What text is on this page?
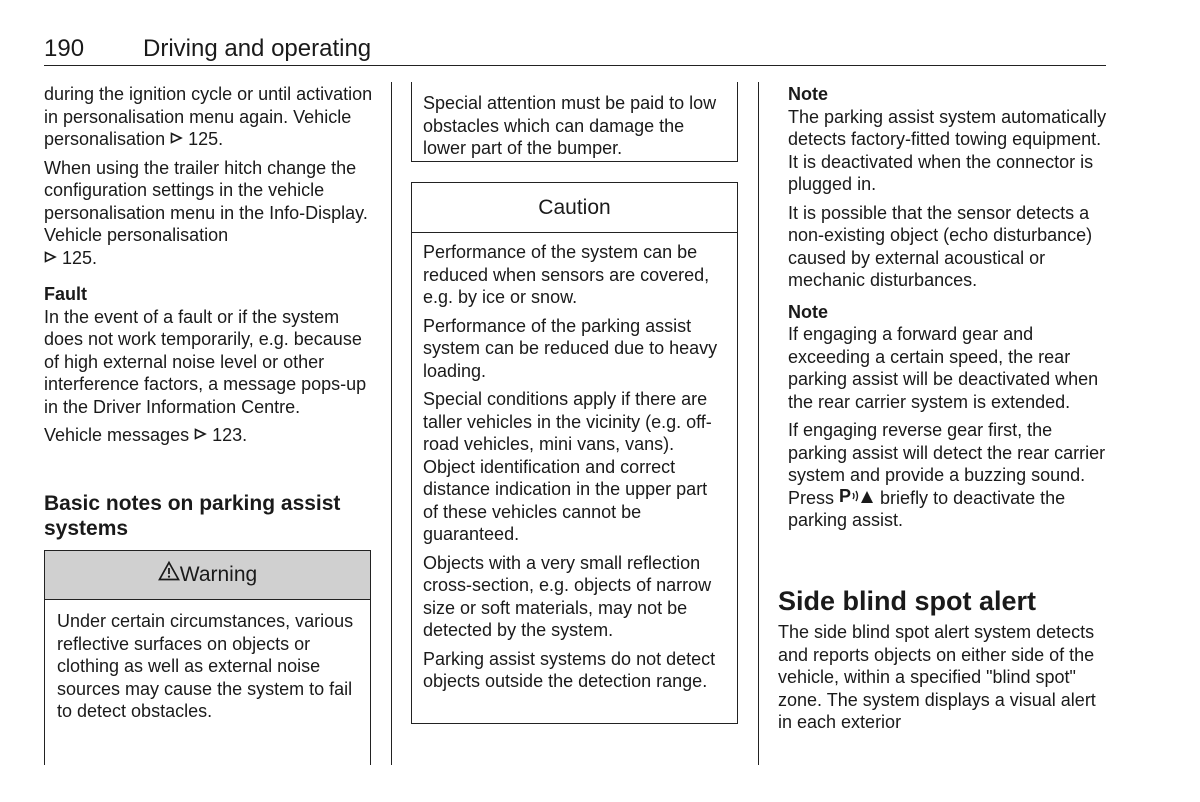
190 Driving and operating

during the ignition cycle or until activation in personalisation menu again. Vehicle personalisation 125.

When using the trailer hitch change the configuration settings in the vehicle personalisation menu in the Info-Display. Vehicle personalisation
125.

Fault

In the event of a fault or if the system does not work temporarily, e.g. because of high external noise level or other interference factors, a message pops-up in the Driver Information Centre.

Vehicle messages 123.

Basic notes on parking assist systems
Warning

Under certain circumstances, various reflective surfaces on objects or clothing as well as external noise sources may cause the system to fail to detect obstacles.

Special attention must be paid to low obstacles which can damage the lower part of the bumper.

Caution

Performance of the system can be reduced when sensors are covered, e.g. by ice or snow.

Performance of the parking assist system can be reduced due to heavy loading.

Special conditions apply if there are taller vehicles in the vicinity (e.g. off-road vehicles, mini vans, vans). Object identification and correct distance indication in the upper part of these vehicles cannot be guaranteed.

Objects with a very small reflection cross-section, e.g. objects of narrow size or soft materials, may not be detected by the system.

Parking assist systems do not detect objects outside the detection range.

Note

The parking assist system automatically detects factory-fitted towing equipment. It is deactivated when the connector is plugged in.

It is possible that the sensor detects a non-existing object (echo disturbance) caused by external acoustical or mechanic disturbances.

Note

If engaging a forward gear and exceeding a certain speed, the rear parking assist will be deactivated when the rear carrier system is extended.

If engaging reverse gear first, the parking assist will detect the rear carrier system and provide a buzzing sound. Press P briefly to deactivate the parking assist.

Side blind spot alert

The side blind spot alert system detects and reports objects on either side of the vehicle, within a specified "blind spot" zone. The system displays a visual alert in each exterior
